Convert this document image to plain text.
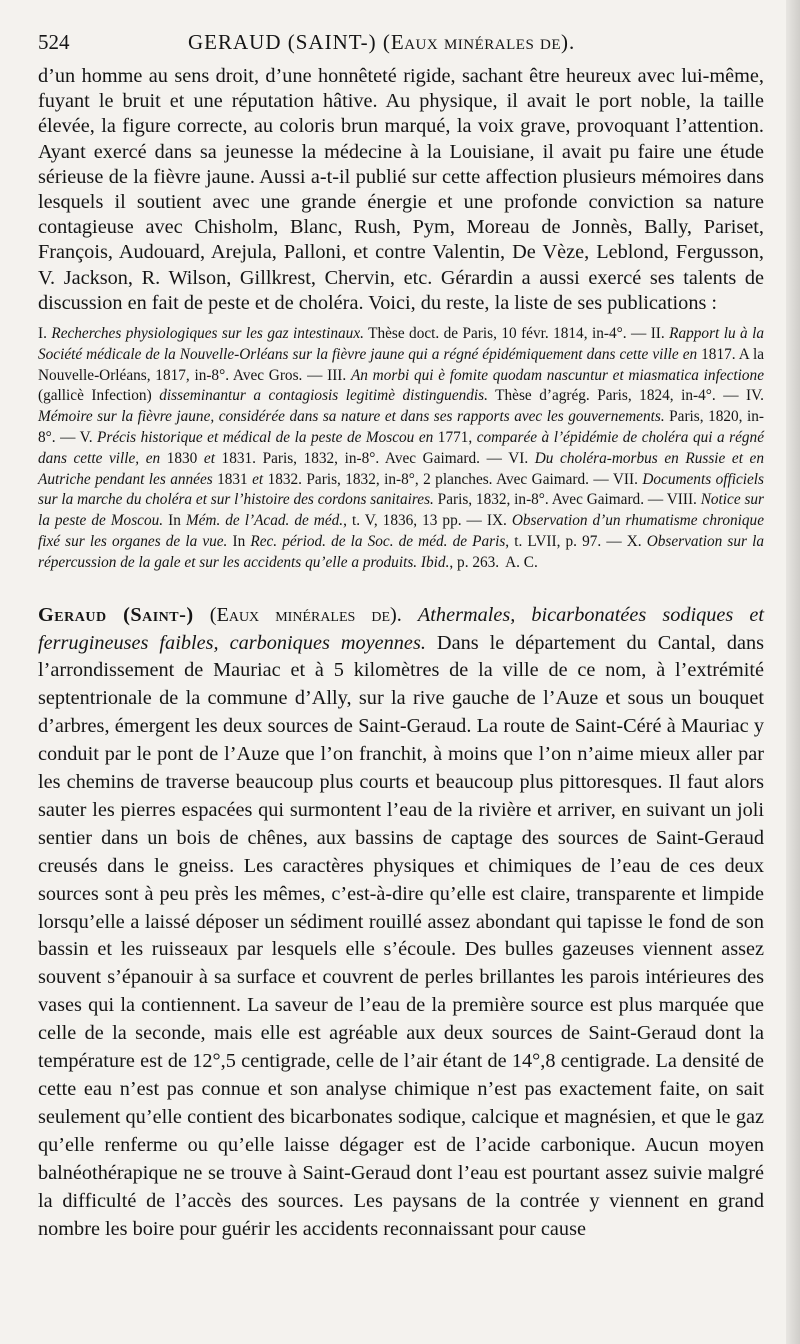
524	GERAUD (SAINT-) (Eaux minérales de).

d’un homme au sens droit, d’une honnêteté rigide, sachant être heureux avec lui-même, fuyant le bruit et une réputation hâtive. Au physique, il avait le port noble, la taille élevée, la figure correcte, au coloris brun marqué, la voix grave, provoquant l’attention. Ayant exercé dans sa jeunesse la médecine à la Louisiane, il avait pu faire une étude sérieuse de la fièvre jaune. Aussi a-t-il publié sur cette affection plusieurs mémoires dans lesquels il soutient avec une grande énergie et une profonde conviction sa nature contagieuse avec Chisholm, Blanc, Rush, Pym, Moreau de Jonnès, Bally, Pariset, François, Audouard, Arejula, Palloni, et contre Valentin, De Vèze, Leblond, Fergusson, V. Jackson, R. Wilson, Gillkrest, Chervin, etc. Gérardin a aussi exercé ses talents de discussion en fait de peste et de choléra. Voici, du reste, la liste de ses publications :

I. Recherches physiologiques sur les gaz intestinaux. Thèse doct. de Paris, 10 févr. 1814, in-4°. — II. Rapport lu à la Société médicale de la Nouvelle-Orléans sur la fièvre jaune qui a régné épidémiquement dans cette ville en 1817. A la Nouvelle-Orléans, 1817, in-8°. Avec Gros. — III. An morbi qui è fomite quodam nascuntur et miasmatica infectione (gallicè Infection) disseminantur a contagiosis legitimè distinguendis. Thèse d’agrég. Paris, 1824, in-4°. — IV. Mémoire sur la fièvre jaune, considérée dans sa nature et dans ses rapports avec les gouvernements. Paris, 1820, in-8°. — V. Précis historique et médical de la peste de Moscou en 1771, comparée à l’épidémie de choléra qui a régné dans cette ville, en 1830 et 1831. Paris, 1832, in-8°. Avec Gaimard. — VI. Du choléra-morbus en Russie et en Autriche pendant les années 1831 et 1832. Paris, 1832, in-8°, 2 planches. Avec Gaimard. — VII. Documents officiels sur la marche du choléra et sur l’histoire des cordons sanitaires. Paris, 1832, in-8°. Avec Gaimard. — VIII. Notice sur la peste de Moscou. In Mém. de l’Acad. de méd., t. V, 1836, 13 pp. — IX. Observation d’un rhumatisme chronique fixé sur les organes de la vue. In Rec. périod. de la Soc. de méd. de Paris, t. LVII, p. 97. — X. Observation sur la répercussion de la gale et sur les accidents qu’elle a produits. Ibid., p. 263. A. C.

Geraud (Saint-) (Eaux minérales de). Athermales, bicarbonatées sodiques et ferrugineuses faibles, carboniques moyennes. Dans le département du Cantal, dans l’arrondissement de Mauriac et à 5 kilomètres de la ville de ce nom, à l’extrémité septentrionale de la commune d’Ally, sur la rive gauche de l’Auze et sous un bouquet d’arbres, émergent les deux sources de Saint-Geraud. La route de Saint-Céré à Mauriac y conduit par le pont de l’Auze que l’on franchit, à moins que l’on n’aime mieux aller par les chemins de traverse beaucoup plus courts et beaucoup plus pittoresques. Il faut alors sauter les pierres espacées qui surmontent l’eau de la rivière et arriver, en suivant un joli sentier dans un bois de chênes, aux bassins de captage des sources de Saint-Geraud creusés dans le gneiss. Les caractères physiques et chimiques de l’eau de ces deux sources sont à peu près les mêmes, c’est-à-dire qu’elle est claire, transparente et limpide lorsqu’elle a laissé déposer un sédiment rouillé assez abondant qui tapisse le fond de son bassin et les ruisseaux par lesquels elle s’écoule. Des bulles gazeuses viennent assez souvent s’épanouir à sa surface et couvrent de perles brillantes les parois intérieures des vases qui la contiennent. La saveur de l’eau de la première source est plus marquée que celle de la seconde, mais elle est agréable aux deux sources de Saint-Geraud dont la température est de 12°,5 centigrade, celle de l’air étant de 14°,8 centigrade. La densité de cette eau n’est pas connue et son analyse chimique n’est pas exactement faite, on sait seulement qu’elle contient des bicarbonates sodique, calcique et magnésien, et que le gaz qu’elle renferme ou qu’elle laisse dégager est de l’acide carbonique. Aucun moyen balnéothérapique ne se trouve à Saint-Geraud dont l’eau est pourtant assez suivie malgré la difficulté de l’accès des sources. Les paysans de la contrée y viennent en grand nombre les boire pour guérir les accidents reconnaissant pour cause
